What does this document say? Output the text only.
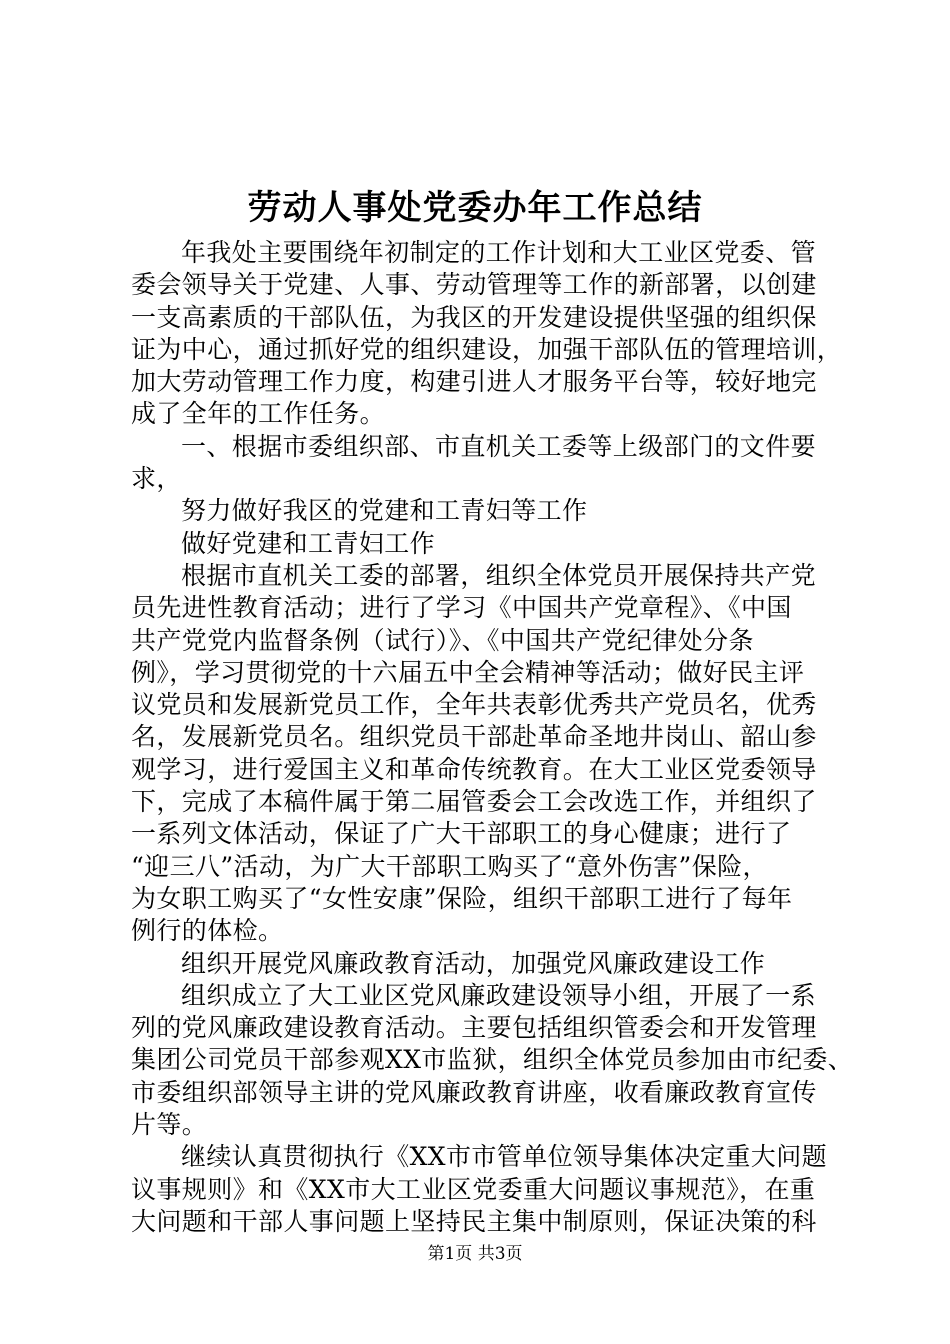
劳动人事处党委办年工作总结
年我处主要围绕年初制定的工作计划和大工业区党委、管
委会领导关于党建、人事、劳动管理等工作的新部署，以创建
一支高素质的干部队伍，为我区的开发建设提供坚强的组织保
证为中心，通过抓好党的组织建设，加强干部队伍的管理培训，
加大劳动管理工作力度，构建引进人才服务平台等，较好地完
成了全年的工作任务。
一、根据市委组织部、市直机关工委等上级部门的文件要
求，
努力做好我区的党建和工青妇等工作
做好党建和工青妇工作
根据市直机关工委的部署，组织全体党员开展保持共产党
员先进性教育活动；进行了学习《中国共产党章程》、《中国
共产党党内监督条例（试行）》、《中国共产党纪律处分条
例》，学习贯彻党的十六届五中全会精神等活动；做好民主评
议党员和发展新党员工作，全年共表彰优秀共产党员名，优秀
名，发展新党员名。组织党员干部赴革命圣地井岗山、韶山参
观学习，进行爱国主义和革命传统教育。在大工业区党委领导
下，完成了本稿件属于第二届管委会工会改选工作，并组织了
一系列文体活动，保证了广大干部职工的身心健康；进行了
“迎三八”活动，为广大干部职工购买了“意外伤害”保险，
为女职工购买了“女性安康”保险，组织干部职工进行了每年
例行的体检。
组织开展党风廉政教育活动，加强党风廉政建设工作
组织成立了大工业区党风廉政建设领导小组，开展了一系
列的党风廉政建设教育活动。主要包括组织管委会和开发管理
集团公司党员干部参观XX市监狱，组织全体党员参加由市纪委、
市委组织部领导主讲的党风廉政教育讲座，收看廉政教育宣传
片等。
继续认真贯彻执行《XX市市管单位领导集体决定重大问题
议事规则》和《XX市大工业区党委重大问题议事规范》，在重
大问题和干部人事问题上坚持民主集中制原则，保证决策的科
第1页 共3页
